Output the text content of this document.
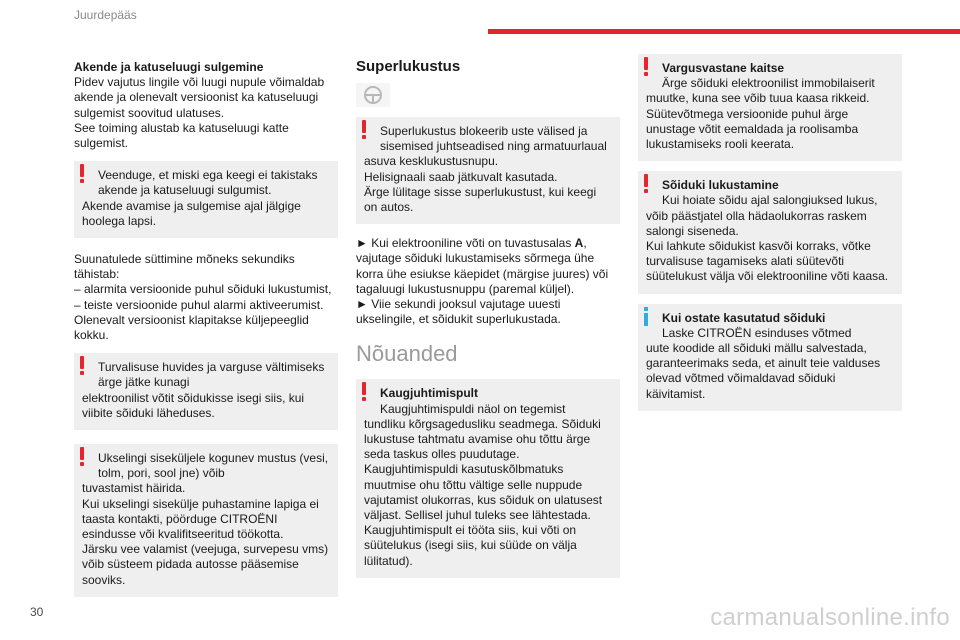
Juurdepääs
Akende ja katuseluugi sulgemine
Pidev vajutus lingile või luugi nupule võimaldab akende ja olenevalt versioonist ka katuseluugi sulgemist soovitud ulatuses.
See toiming alustab ka katuseluugi katte sulgemist.
Veenduge, et miski ega keegi ei takistaks akende ja katuseluugi sulgumist.
Akende avamise ja sulgemise ajal jälgige hoolega lapsi.
Suunatulede süttimine mõneks sekundiks tähistab:
– alarmita versioonide puhul sõiduki lukustumist,
– teiste versioonide puhul alarmi aktiveerumist.
Olenevalt versioonist klapitakse küljepeeglid kokku.
Turvalisuse huvides ja varguse vältimiseks ärge jätke kunagi
elektroonilist võtit sõidukisse isegi siis, kui viibite sõiduki läheduses.
Ukselingi siseküljele kogunev mustus (vesi, tolm, pori, sool jne) võib
tuvastamist häirida.
Kui ukselingi sisekülje puhastamine lapiga ei taasta kontakti, pöörduge CITROËNI esindusse või kvalifitseeritud töökotta.
Järsku vee valamist (veejuga, survepesu vms) võib süsteem pidada autosse pääsemise sooviks.
Superlukustus
Superlukustus blokeerib uste välised ja sisemised juhtseadised ning armatuurlaual
asuva kesklukustusnupu.
Helisignaali saab jätkuvalt kasutada.
Ärge lülitage sisse superlukustust, kui keegi on autos.
► Kui elektrooniline võti on tuvastusalas A, vajutage sõiduki lukustamiseks sõrmega ühe korra ühe esiukse käepidet (märgise juures) või tagaluugi lukustusnuppu (paremal küljel).
► Viie sekundi jooksul vajutage uuesti ukselingile, et sõidukit superlukustada.
Nõuanded
Kaugjuhtimispult
Kaugjuhtimispuldi näol on tegemist
tundliku kõrgsagedusliku seadmega. Sõiduki lukustuse tahtmatu avamise ohu tõttu ärge seda taskus olles puudutage.
Kaugjuhtimispuldi kasutuskõlbmatuks muutmise ohu tõttu vältige selle nuppude vajutamist olukorras, kus sõiduk on ulatusest väljast. Sellisel juhul tuleks see lähtestada.
Kaugjuhtimispult ei tööta siis, kui võti on süütelukus (isegi siis, kui süüde on välja lülitatud).
Vargusvastane kaitse
Ärge sõiduki elektroonilist immobilaiserit
muutke, kuna see võib tuua kaasa rikkeid.
Süütevõtmega versioonide puhul ärge unustage võtit eemaldada ja roolisamba lukustamiseks rooli keerata.
Sõiduki lukustamine
Kui hoiate sõidu ajal salongiuksed lukus,
võib päästjatel olla hädaolukorras raskem salongi siseneda.
Kui lahkute sõidukist kasvõi korraks, võtke turvalisuse tagamiseks alati süütevõti süütelukust välja või elektrooniline võti kaasa.
Kui ostate kasutatud sõiduki
Laske CITROËN esinduses võtmed
uute koodide all sõiduki mällu salvestada, garanteerimaks seda, et ainult teie valduses olevad võtmed võimaldavad sõiduki käivitamist.
30	carmanualsonline.info
